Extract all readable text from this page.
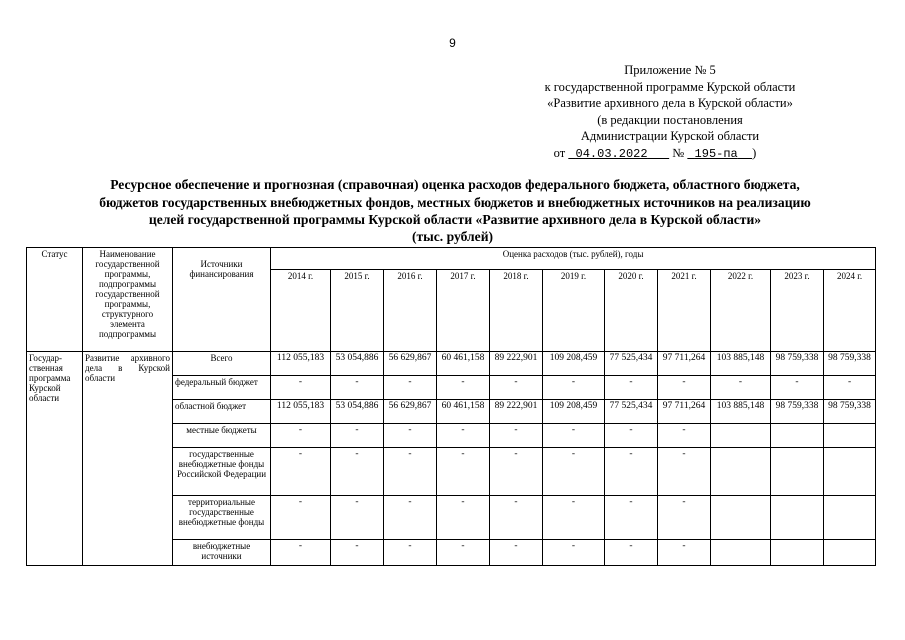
9
Приложение № 5
к государственной программе Курской области
«Развитие архивного дела в Курской области»
(в редакции постановления
Администрации Курской области
от 04.03.2022 № 195-па )
Ресурсное обеспечение и прогнозная (справочная) оценка расходов федерального бюджета, областного бюджета,
бюджетов государственных внебюджетных фондов, местных бюджетов и внебюджетных источников на реализацию
целей государственной программы Курской области «Развитие архивного дела в Курской области»
(тыс. рублей)
Статус	Наименование государственной программы, подпрограммы государственной программы, структурного элемента подпрограммы	Источники финансирования	Оценка расходов (тыс. рублей), годы										
			2014 г.	2015 г.	2016 г.	2017 г.	2018 г.	2019 г.	2020 г.	2021 г.	2022 г.	2023 г.	2024 г.
Государ-ственная программа Курской области	Развитие архивного дела в Курской области	Всего	112 055,183	53 054,886	56 629,867	60 461,158	89 222,901	109 208,459	77 525,434	97 711,264	103 885,148	98 759,338	98 759,338
		федеральный бюджет	-	-	-	-	-	-	-	-	-	-	-
		областной бюджет	112 055,183	53 054,886	56 629,867	60 461,158	89 222,901	109 208,459	77 525,434	97 711,264	103 885,148	98 759,338	98 759,338
		местные бюджеты	-	-	-	-	-	-	-	-			
		государственные внебюджетные фонды Российской Федерации	-	-	-	-	-	-	-	-			
		территориальные государственные внебюджетные фонды	-	-	-	-	-	-	-	-			
		внебюджетные источники	-	-	-	-	-	-	-	-			
